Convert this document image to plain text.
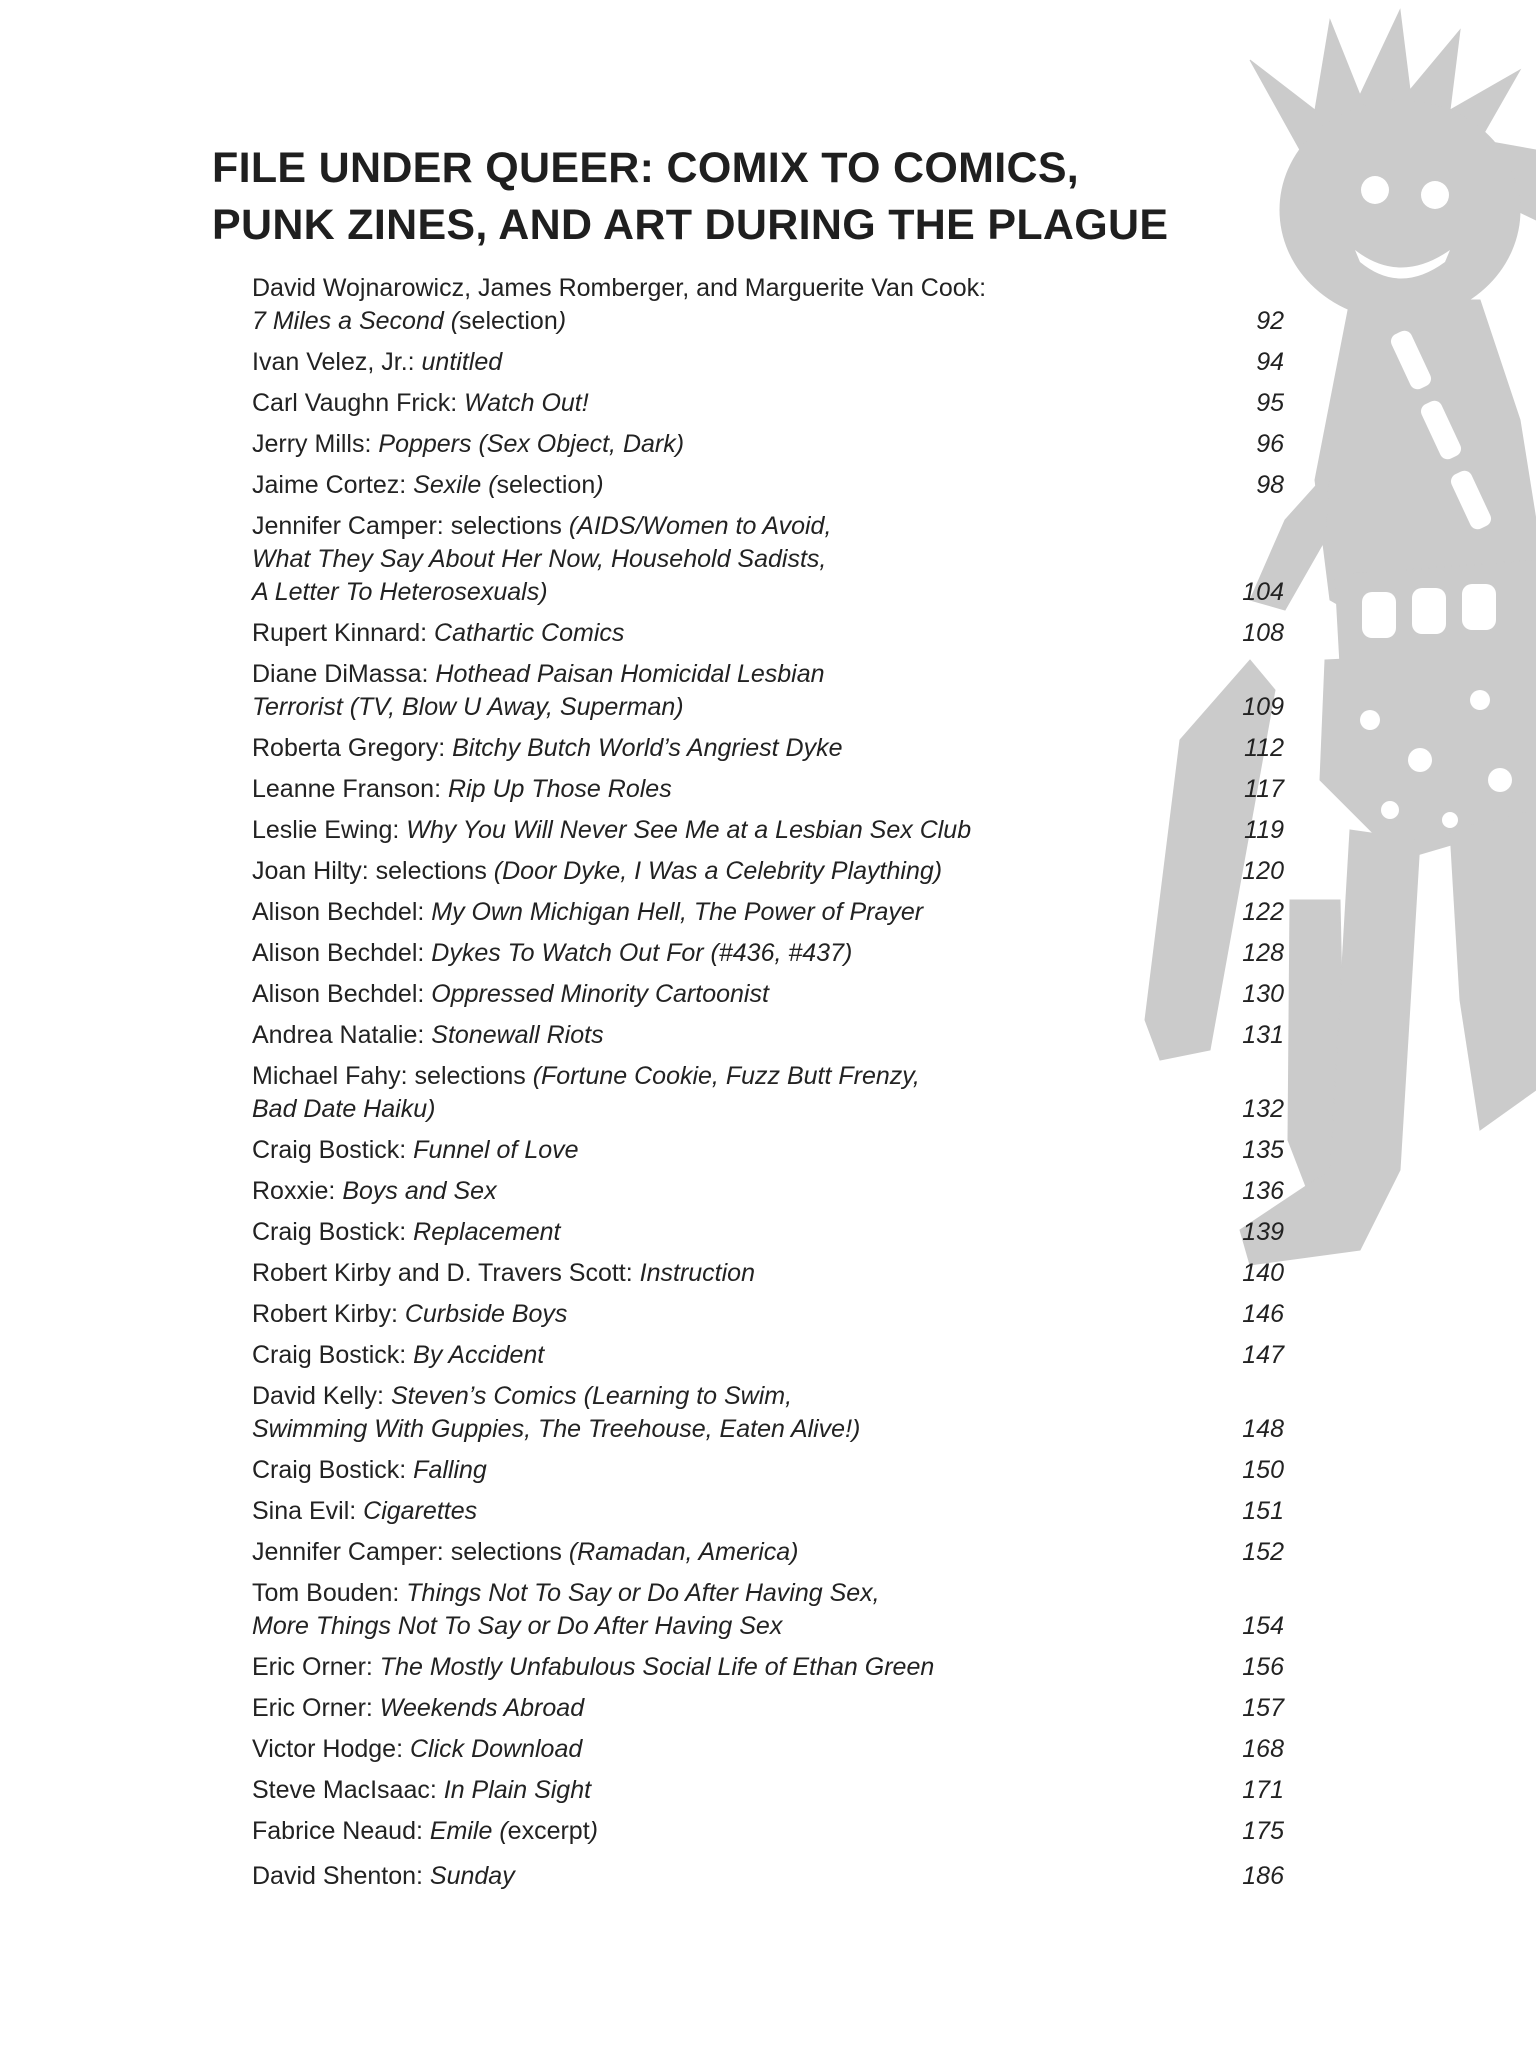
FILE UNDER QUEER: COMIX TO COMICS,
PUNK ZINES, AND ART DURING THE PLAGUE
David Wojnarowicz, James Romberger, and Marguerite Van Cook:
7 Miles a Second (selection)	92
Ivan Velez, Jr.: untitled	94
Carl Vaughn Frick: Watch Out!	95
Jerry Mills: Poppers (Sex Object, Dark)	96
Jaime Cortez: Sexile (selection)	98
Jennifer Camper: selections (AIDS/Women to Avoid,
What They Say About Her Now, Household Sadists,
A Letter To Heterosexuals)	104
Rupert Kinnard: Cathartic Comics	108
Diane DiMassa: Hothead Paisan Homicidal Lesbian
Terrorist (TV, Blow U Away, Superman)	109
Roberta Gregory: Bitchy Butch World’s Angriest Dyke	112
Leanne Franson: Rip Up Those Roles	117
Leslie Ewing: Why You Will Never See Me at a Lesbian Sex Club	119
Joan Hilty: selections (Door Dyke, I Was a Celebrity Plaything)	120
Alison Bechdel: My Own Michigan Hell, The Power of Prayer	122
Alison Bechdel: Dykes To Watch Out For (#436, #437)	128
Alison Bechdel: Oppressed Minority Cartoonist	130
Andrea Natalie: Stonewall Riots	131
Michael Fahy: selections (Fortune Cookie, Fuzz Butt Frenzy,
Bad Date Haiku)	132
Craig Bostick: Funnel of Love	135
Roxxie: Boys and Sex	136
Craig Bostick: Replacement	139
Robert Kirby and D. Travers Scott: Instruction	140
Robert Kirby: Curbside Boys	146
Craig Bostick: By Accident	147
David Kelly: Steven’s Comics (Learning to Swim,
Swimming With Guppies, The Treehouse, Eaten Alive!)	148
Craig Bostick: Falling	150
Sina Evil: Cigarettes	151
Jennifer Camper: selections (Ramadan, America)	152
Tom Bouden: Things Not To Say or Do After Having Sex,
More Things Not To Say or Do After Having Sex	154
Eric Orner: The Mostly Unfabulous Social Life of Ethan Green	156
Eric Orner: Weekends Abroad	157
Victor Hodge: Click Download	168
Steve MacIsaac: In Plain Sight	171
Fabrice Neaud: Emile (excerpt)	175
David Shenton: Sunday	186
